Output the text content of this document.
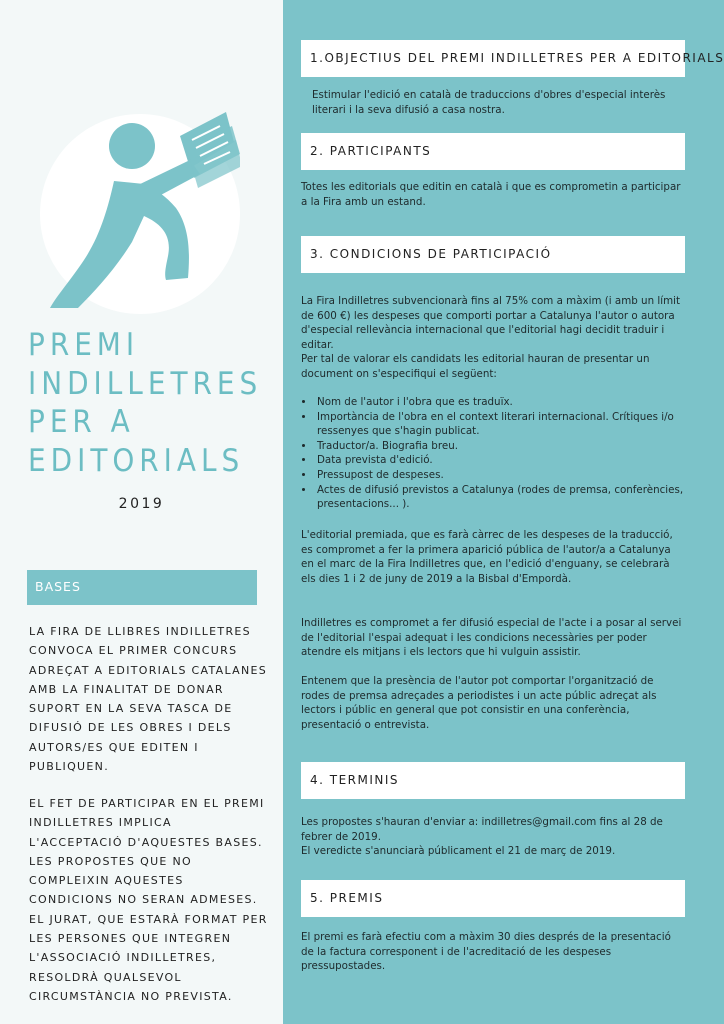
PREMI
INDILLETRES
PER A
EDITORIALS
2019
BASES

LA FIRA DE LLIBRES INDILLETRES CONVOCA EL PRIMER CONCURS ADREÇAT A EDITORIALS CATALANES AMB LA FINALITAT DE DONAR SUPORT EN LA SEVA TASCA DE DIFUSIÓ DE LES OBRES I DELS AUTORS/ES QUE EDITEN I PUBLIQUEN.

EL FET DE PARTICIPAR EN EL PREMI INDILLETRES IMPLICA L'ACCEPTACIÓ D'AQUESTES BASES. LES PROPOSTES QUE NO COMPLEIXIN AQUESTES CONDICIONS NO SERAN ADMESES. EL JURAT, QUE ESTARÀ FORMAT PER LES PERSONES QUE INTEGREN L'ASSOCIACIÓ INDILLETRES, RESOLDRÀ QUALSEVOL CIRCUMSTÀNCIA NO PREVISTA.

1.OBJECTIUS DEL PREMI INDILLETRES PER A EDITORIALS

Estimular l'edició en català de traduccions d'obres d'especial interès literari i la seva difusió a casa nostra.

2. PARTICIPANTS

Totes les editorials que editin en català i que es comprometin a participar a la Fira amb un estand.

3. CONDICIONS DE PARTICIPACIÓ

La Fira Indilletres subvencionarà fins al 75% com a màxim (i amb un límit de 600 €) les despeses que comporti portar a Catalunya l'autor o autora d'especial rellevància internacional que l'editorial hagi decidit traduir i editar.
Per tal de valorar els candidats les editorial hauran de presentar un document on s'especifiqui el següent:

• Nom de l'autor i l'obra que es traduïx.
• Importància de l'obra en el context literari internacional. Crítiques i/o ressenyes que s'hagin publicat.
• Traductor/a. Biografia breu.
• Data prevista d'edició.
• Pressupost de despeses.
• Actes de difusió previstos a Catalunya (rodes de premsa, conferències, presentacions... ).

L'editorial premiada, que es farà càrrec de les despeses de la traducció, es compromet a fer la primera aparició pública de l'autor/a a Catalunya en el marc de la Fira Indilletres que, en l'edició d'enguany, se celebrarà els dies 1 i 2 de juny de 2019 a la Bisbal d'Empordà.

Indilletres es compromet a fer difusió especial de l'acte i a posar al servei de l'editorial l'espai adequat i les condicions necessàries per poder atendre els mitjans i els lectors que hi vulguin assistir.

Entenem que la presència de l'autor pot comportar l'organització de rodes de premsa adreçades a periodistes i un acte públic adreçat als lectors i públic en general que pot consistir en una conferència, presentació o entrevista.

4. TERMINIS

Les propostes s'hauran d'enviar a: indilletres@gmail.com fins al 28 de febrer de 2019.
El veredicte s'anunciarà públicament el 21 de març de 2019.

5. PREMIS

El premi es farà efectiu com a màxim 30 dies després de la presentació de la factura corresponent i de l'acreditació de les despeses pressupostades.
